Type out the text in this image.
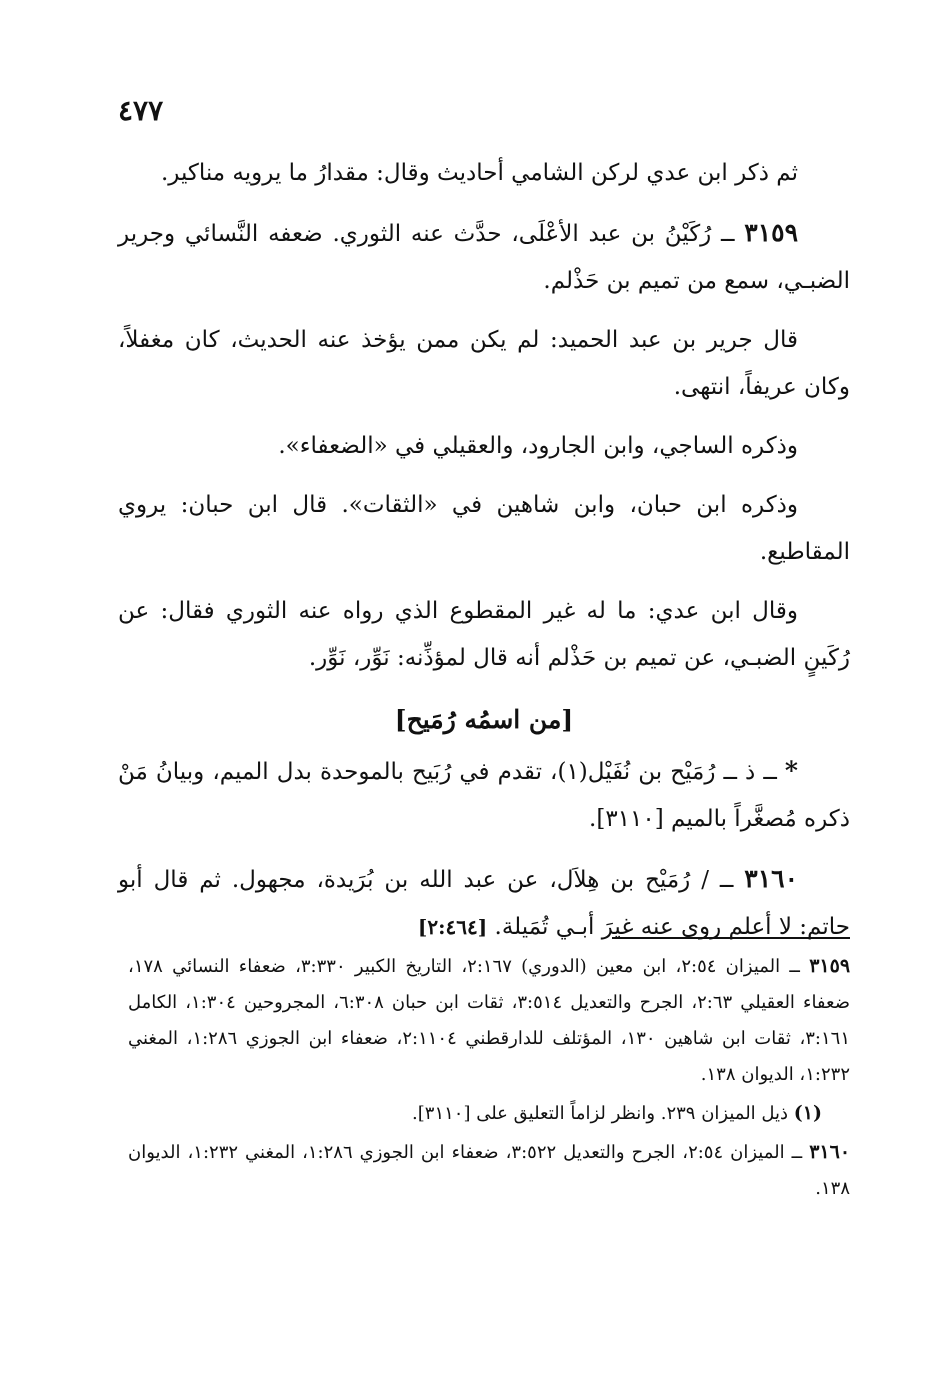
٤٧٧

ثم ذكر ابن عدي لركن الشامي أحاديث وقال: مقدارُ ما يرويه مناكير.

٣١٥٩ ــ رُكَيْنُ بن عبد الأعْلَى، حدَّث عنه الثوري. ضعفه النَّسائي وجرير الضبـي، سمع من تميم بن حَذْلم.

قال جرير بن عبد الحميد: لم يكن ممن يؤخذ عنه الحديث، كان مغفلاً، وكان عريفاً، انتهى.

وذكره الساجي، وابن الجارود، والعقيلي في «الضعفاء».

وذكره ابن حبان، وابن شاهين في «الثقات». قال ابن حبان: يروي المقاطيع.

وقال ابن عدي: ما له غير المقطوع الذي رواه عنه الثوري فقال: عن رُكَينٍ الضبـي، عن تميم بن حَذْلم أنه قال لمؤذِّنه: نَوِّر، نَوِّر.

[من اسمُه رُمَيح]

* ــ ذ ــ رُمَيْح بن نُفَيْل(١)، تقدم في رُبَيح بالموحدة بدل الميم، وبيانُ مَنْ ذكره مُصغَّراً بالميم [٣١١٠].

٣١٦٠ ــ / رُمَيْح بن هِلاَل، عن عبد الله بن بُرَيدة، مجهول. ثم قال أبو حاتم: لا أعلم روى عنه غيرَ أبـي تُمَيلة. [٢:٤٦٤]

٣١٥٩ ــ الميزان ٢:٥٤، ابن معين (الدوري) ٢:١٦٧، التاريخ الكبير ٣:٣٣٠، ضعفاء النسائي ١٧٨، ضعفاء العقيلي ٢:٦٣، الجرح والتعديل ٣:٥١٤، ثقات ابن حبان ٦:٣٠٨، المجروحين ١:٣٠٤، الكامل ٣:١٦١، ثقات ابن شاهين ١٣٠، المؤتلف للدارقطني ٢:١١٠٤، ضعفاء ابن الجوزي ١:٢٨٦، المغني ١:٢٣٢، الديوان ١٣٨.

(١) ذيل الميزان ٢٣٩. وانظر لزاماً التعليق على [٣١١٠].

٣١٦٠ ــ الميزان ٢:٥٤، الجرح والتعديل ٣:٥٢٢، ضعفاء ابن الجوزي ١:٢٨٦، المغني ١:٢٣٢، الديوان ١٣٨.
